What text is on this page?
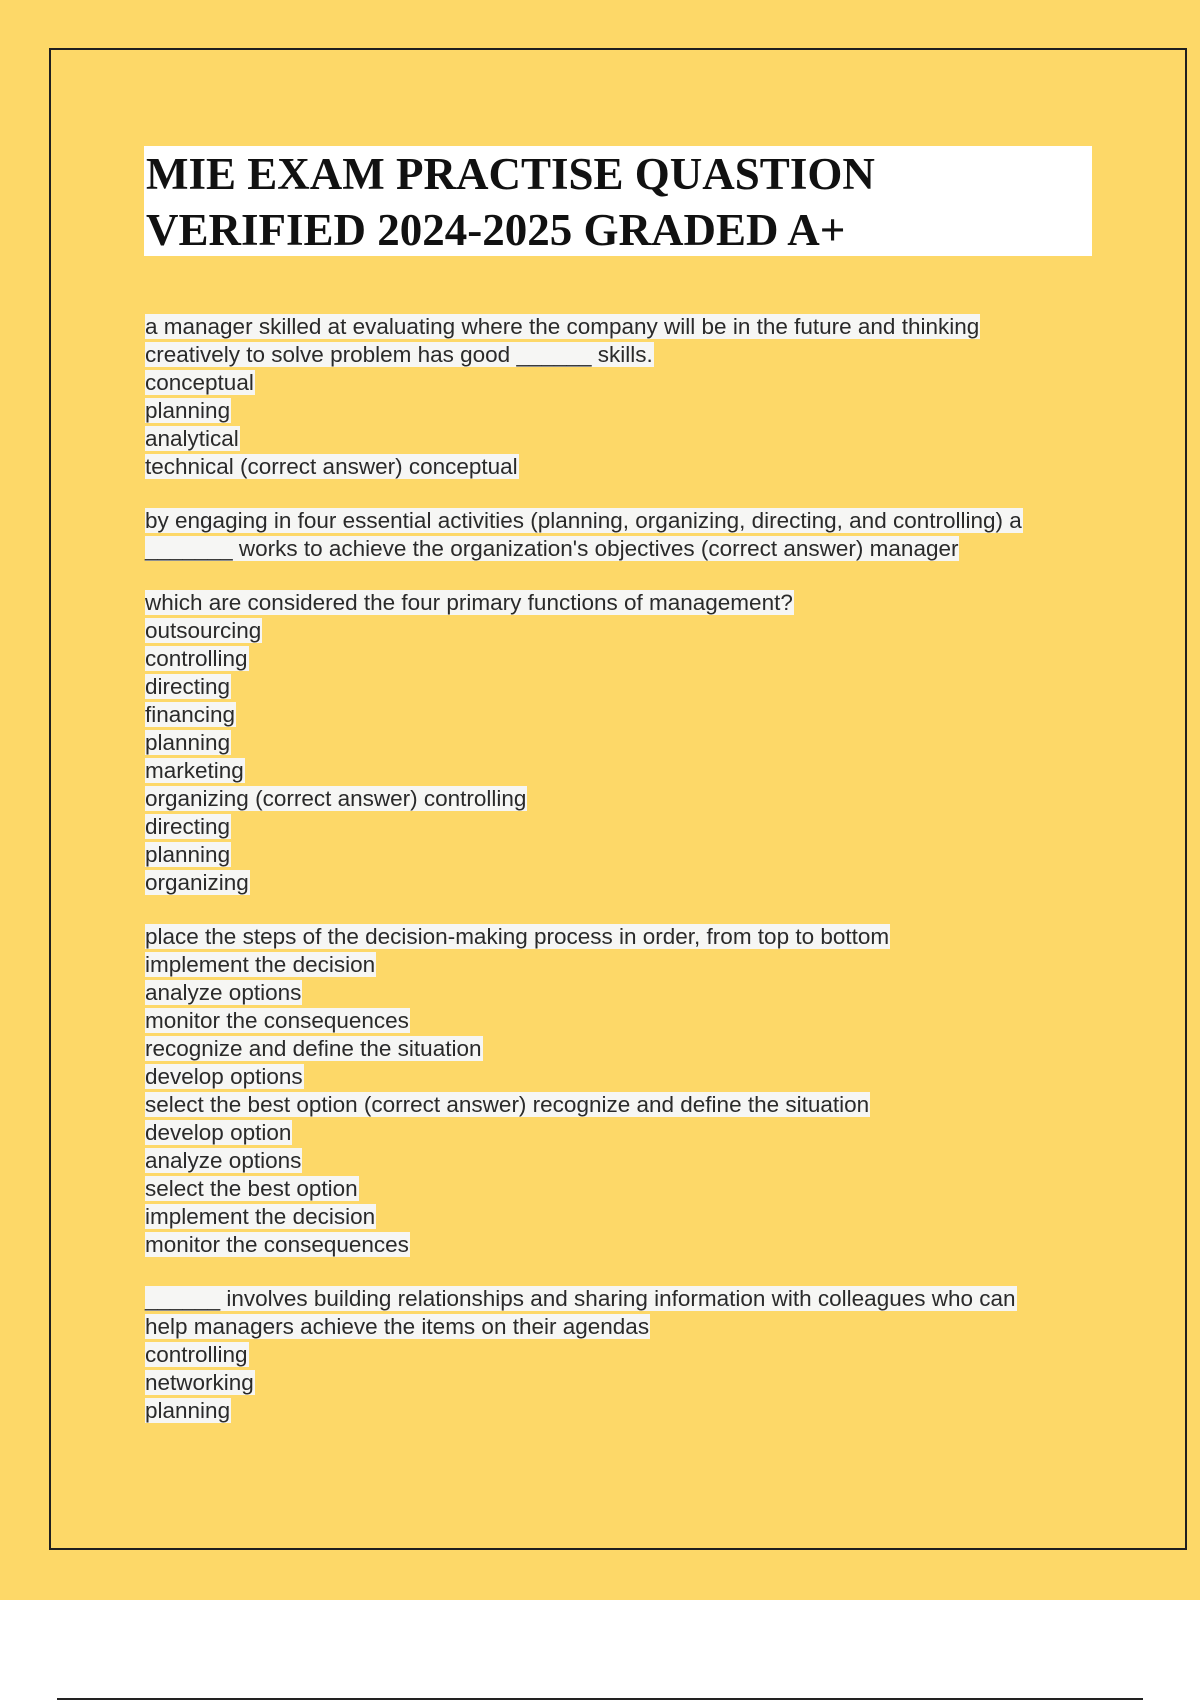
MIE EXAM PRACTISE QUASTION
VERIFIED 2024-2025 GRADED A+
a manager skilled at evaluating where the company will be in the future and thinking
creatively to solve problem has good ______ skills.
conceptual
planning
analytical
technical (correct answer) conceptual
by engaging in four essential activities (planning, organizing, directing, and controlling) a
_______ works to achieve the organization's objectives (correct answer) manager
which are considered the four primary functions of management?
outsourcing
controlling
directing
financing
planning
marketing
organizing (correct answer) controlling
directing
planning
organizing
place the steps of the decision-making process in order, from top to bottom
implement the decision
analyze options
monitor the consequences
recognize and define the situation
develop options
select the best option (correct answer) recognize and define the situation
develop option
analyze options
select the best option
implement the decision
monitor the consequences
______ involves building relationships and sharing information with colleagues who can
help managers achieve the items on their agendas
controlling
networking
planning
